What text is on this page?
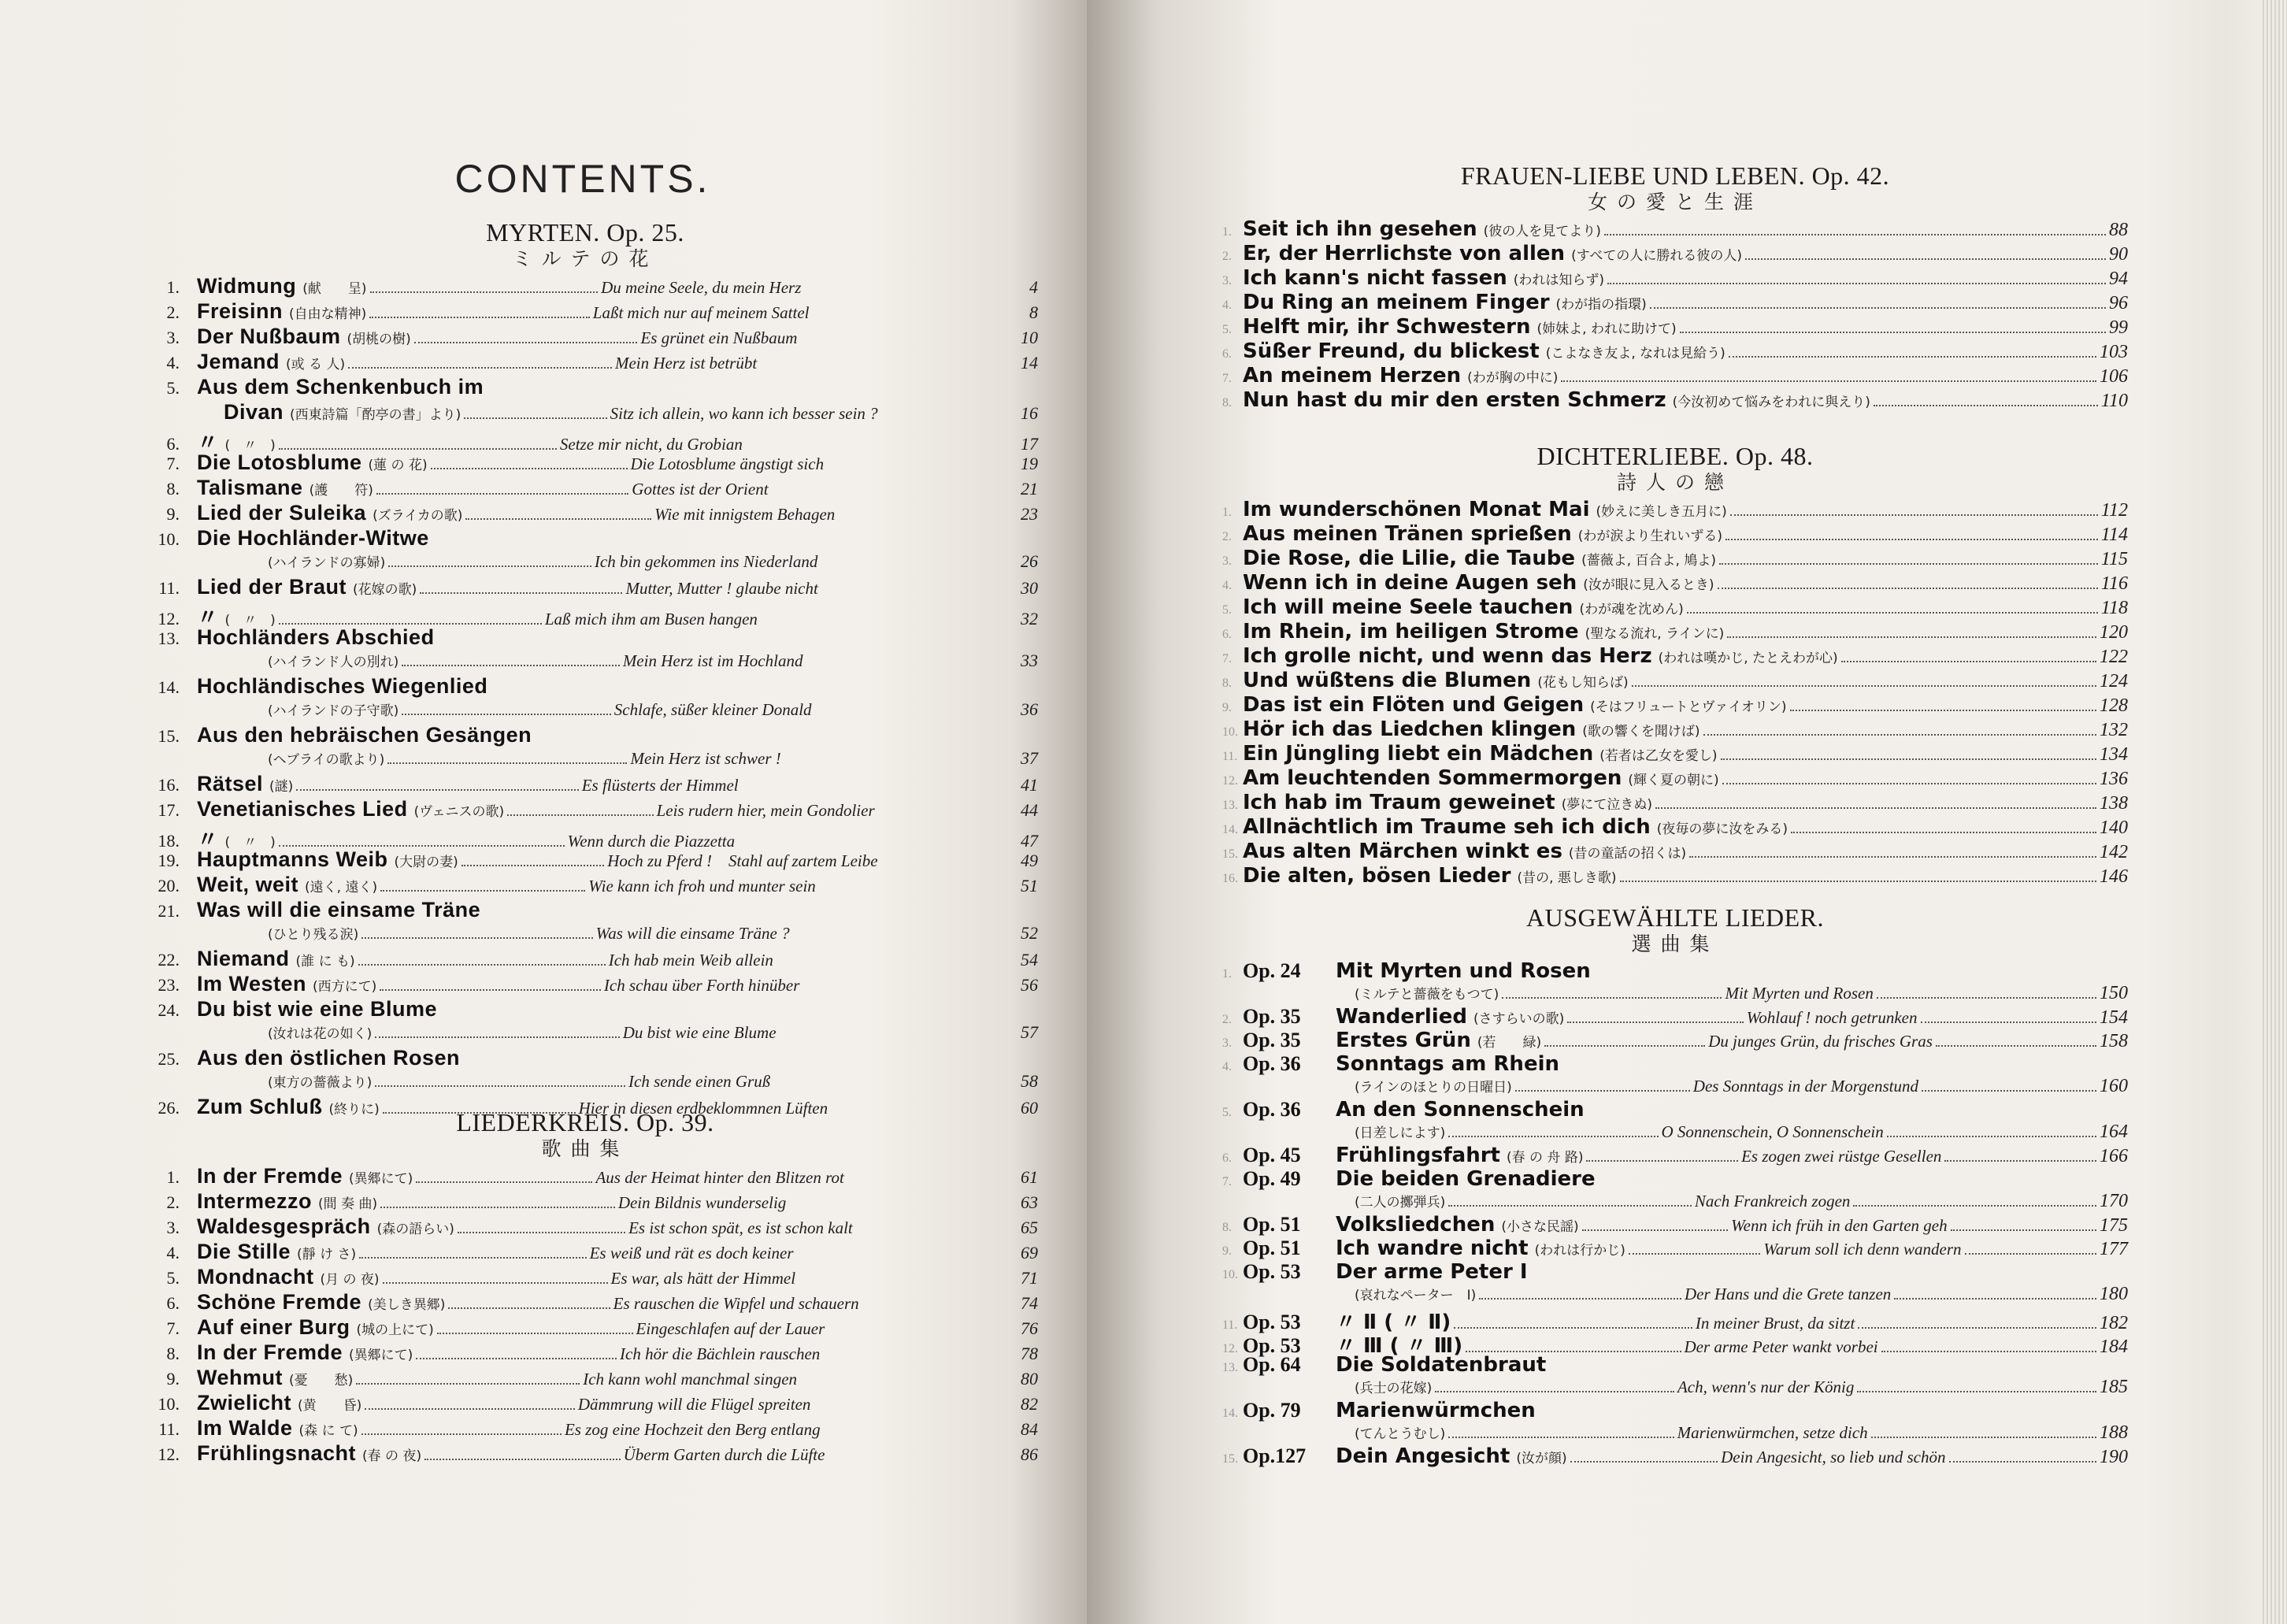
CONTENTS.
MYRTEN. Op. 25.
ミルテの花
1. Widmung (献　　呈)	Du meine Seele, du mein Herz	4
2. Freisinn (自由な精神)	Laßt mich nur auf meinem Sattel	8
3. Der Nußbaum (胡桃の樹)	Es grünet ein Nußbaum	10
4. Jemand (或 る 人)	Mein Herz ist betrübt	14
5. Aus dem Schenkenbuch im
Divan (西東詩篇「酌亭の書」より)	Sitz ich allein, wo kann ich besser sein ?	16
6. 〃 (　〃　)	Setze mir nicht, du Grobian	17
7. Die Lotosblume (蓮 の 花)	Die Lotosblume ängstigt sich	19
8. Talismane (護　　符)	Gottes ist der Orient	21
9. Lied der Suleika (ズライカの歌)	Wie mit innigstem Behagen	23
10. Die Hochländer-Witwe
(ハイランドの寡婦)	Ich bin gekommen ins Niederland	26
11. Lied der Braut (花嫁の歌)	Mutter, Mutter ! glaube nicht	30
12. 〃 (　〃　)	Laß mich ihm am Busen hangen	32
13. Hochländers Abschied
(ハイランド人の別れ)	Mein Herz ist im Hochland	33
14. Hochländisches Wiegenlied
(ハイランドの子守歌)	Schlafe, süßer kleiner Donald	36
15. Aus den hebräischen Gesängen
(ヘブライの歌より)	Mein Herz ist schwer !	37
16. Rätsel (謎)	Es flüsterts der Himmel	41
17. Venetianisches Lied (ヴェニスの歌)	Leis rudern hier, mein Gondolier	44
18. 〃 (　〃　)	Wenn durch die Piazzetta	47
19. Hauptmanns Weib (大尉の妻)	Hoch zu Pferd !　Stahl auf zartem Leibe	49
20. Weit, weit (遠く, 遠く)	Wie kann ich froh und munter sein	51
21. Was will die einsame Träne
(ひとり残る涙)	Was will die einsame Träne ?	52
22. Niemand (誰 に も)	Ich hab mein Weib allein	54
23. Im Westen (西方にて)	Ich schau über Forth hinüber	56
24. Du bist wie eine Blume
(汝れは花の如く)	Du bist wie eine Blume	57
25. Aus den östlichen Rosen
(東方の薔薇より)	Ich sende einen Gruß	58
26. Zum Schluß (終りに)	Hier in diesen erdbeklommnen Lüften	60
LIEDERKREIS. Op. 39.
歌曲集
1. In der Fremde (異郷にて)	Aus der Heimat hinter den Blitzen rot	61
2. Intermezzo (間 奏 曲)	Dein Bildnis wunderselig	63
3. Waldesgespräch (森の語らい)	Es ist schon spät, es ist schon kalt	65
4. Die Stille (靜 け さ)	Es weiß und rät es doch keiner	69
5. Mondnacht (月 の 夜)	Es war, als hätt der Himmel	71
6. Schöne Fremde (美しき異郷)	Es rauschen die Wipfel und schauern	74
7. Auf einer Burg (城の上にて)	Eingeschlafen auf der Lauer	76
8. In der Fremde (異郷にて)	Ich hör die Bächlein rauschen	78
9. Wehmut (憂　　愁)	Ich kann wohl manchmal singen	80
10. Zwielicht (黄　　昏)	Dämmrung will die Flügel spreiten	82
11. Im Walde (森 に て)	Es zog eine Hochzeit den Berg entlang	84
12. Frühlingsnacht (春 の 夜)	Überm Garten durch die Lüfte	86
FRAUEN-LIEBE UND LEBEN. Op. 42.
女の愛と生涯
1. Seit ich ihn gesehen (彼の人を見てより)	88
2. Er, der Herrlichste von allen (すべての人に勝れる彼の人)	90
3. Ich kann's nicht fassen (われは知らず)	94
4. Du Ring an meinem Finger (わが指の指環)	96
5. Helft mir, ihr Schwestern (姉妹よ, われに助けて)	99
6. Süßer Freund, du blickest (こよなき友よ, なれは見給う)	103
7. An meinem Herzen (わが胸の中に)	106
8. Nun hast du mir den ersten Schmerz (今汝初めて悩みをわれに與えり)	110
DICHTERLIEBE. Op. 48.
詩人の戀
1. Im wunderschönen Monat Mai (妙えに美しき五月に)	112
2. Aus meinen Tränen sprießen (わが涙より生れいずる)	114
3. Die Rose, die Lilie, die Taube (薔薇よ, 百合よ, 鳩よ)	115
4. Wenn ich in deine Augen seh (汝が眼に見入るとき)	116
5. Ich will meine Seele tauchen (わが魂を沈めん)	118
6. Im Rhein, im heiligen Strome (聖なる流れ, ラインに)	120
7. Ich grolle nicht, und wenn das Herz (われは嘆かじ, たとえわが心)	122
8. Und wüßtens die Blumen (花もし知らば)	124
9. Das ist ein Flöten und Geigen (そはフリュートとヴァイオリン)	128
10. Hör ich das Liedchen klingen (歌の響くを聞けば)	132
11. Ein Jüngling liebt ein Mädchen (若者は乙女を愛し)	134
12. Am leuchtenden Sommermorgen (輝く夏の朝に)	136
13. Ich hab im Traum geweinet (夢にて泣きぬ)	138
14. Allnächtlich im Traume seh ich dich (夜毎の夢に汝をみる)	140
15. Aus alten Märchen winkt es (昔の童話の招くは)	142
16. Die alten, bösen Lieder (昔の, 悪しき歌)	146
AUSGEWÄHLTE LIEDER.
選曲集
1. Op. 24	Mit Myrten und Rosen
(ミルテと薔薇をもつて)	Mit Myrten und Rosen	150
2. Op. 35	Wanderlied (さすらいの歌)	Wohlauf ! noch getrunken	154
3. Op. 35	Erstes Grün (若　　緑)	Du junges Grün, du frisches Gras	158
4. Op. 36	Sonntags am Rhein
(ラインのほとりの日曜日)	Des Sonntags in der Morgenstund	160
5. Op. 36	An den Sonnenschein
(日差しによす)	O Sonnenschein, O Sonnenschein	164
6. Op. 45	Frühlingsfahrt (春 の 舟 路)	Es zogen zwei rüstge Gesellen	166
7. Op. 49	Die beiden Grenadiere
(二人の擲弾兵)	Nach Frankreich zogen	170
8. Op. 51	Volksliedchen (小さな民謡)	Wenn ich früh in den Garten geh	175
9. Op. 51	Ich wandre nicht (われは行かじ)	Warum soll ich denn wandern	177
10. Op. 53	Der arme Peter Ⅰ
(哀れなペーター　Ⅰ)	Der Hans und die Grete tanzen	180
11. Op. 53	〃 Ⅱ ( 〃 Ⅱ)	In meiner Brust, da sitzt	182
12. Op. 53	〃 Ⅲ ( 〃 Ⅲ)	Der arme Peter wankt vorbei	184
13. Op. 64	Die Soldatenbraut
(兵士の花嫁)	Ach, wenn's nur der König	185
14. Op. 79	Marienwürmchen
(てんとうむし)	Marienwürmchen, setze dich	188
15. Op.127	Dein Angesicht (汝が顔)	Dein Angesicht, so lieb und schön	190
